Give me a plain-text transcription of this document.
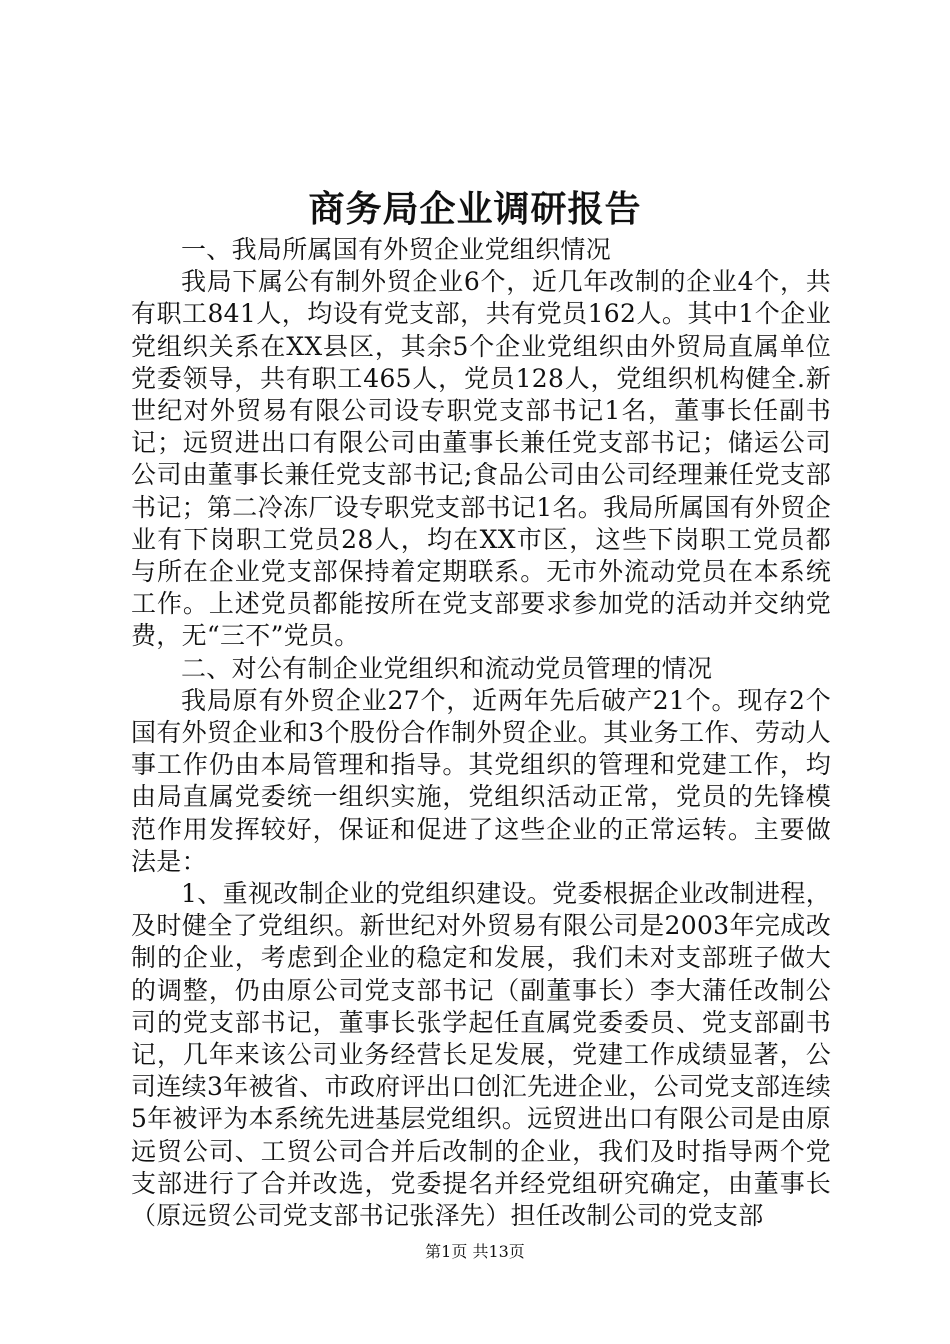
商务局企业调研报告

一、我局所属国有外贸企业党组织情况

我局下属公有制外贸企业6个，近几年改制的企业4个，共有职工841人，均设有党支部，共有党员162人。其中1个企业党组织关系在XX县区，其余5个企业党组织由外贸局直属单位党委领导，共有职工465人，党员128人，党组织机构健全.新世纪对外贸易有限公司设专职党支部书记1名，董事长任副书记；远贸进出口有限公司由董事长兼任党支部书记；储运公司公司由董事长兼任党支部书记;食品公司由公司经理兼任党支部书记；第二冷冻厂设专职党支部书记1名。我局所属国有外贸企业有下岗职工党员28人，均在XX市区，这些下岗职工党员都与所在企业党支部保持着定期联系。无市外流动党员在本系统工作。上述党员都能按所在党支部要求参加党的活动并交纳党费，无“三不”党员。

二、对公有制企业党组织和流动党员管理的情况

我局原有外贸企业27个，近两年先后破产21个。现存2个国有外贸企业和3个股份合作制外贸企业。其业务工作、劳动人事工作仍由本局管理和指导。其党组织的管理和党建工作，均由局直属党委统一组织实施，党组织活动正常，党员的先锋模范作用发挥较好，保证和促进了这些企业的正常运转。主要做法是：

1、重视改制企业的党组织建设。党委根据企业改制进程，及时健全了党组织。新世纪对外贸易有限公司是2003年完成改制的企业，考虑到企业的稳定和发展，我们未对支部班子做大的调整，仍由原公司党支部书记（副董事长）李大蒲任改制公司的党支部书记，董事长张学起任直属党委委员、党支部副书记，几年来该公司业务经营长足发展，党建工作成绩显著，公司连续3年被省、市政府评出口创汇先进企业，公司党支部连续5年被评为本系统先进基层党组织。远贸进出口有限公司是由原远贸公司、工贸公司合并后改制的企业，我们及时指导两个党支部进行了合并改选，党委提名并经党组研究确定，由董事长（原远贸公司党支部书记张泽先）担任改制公司的党支部

第1页 共13页
